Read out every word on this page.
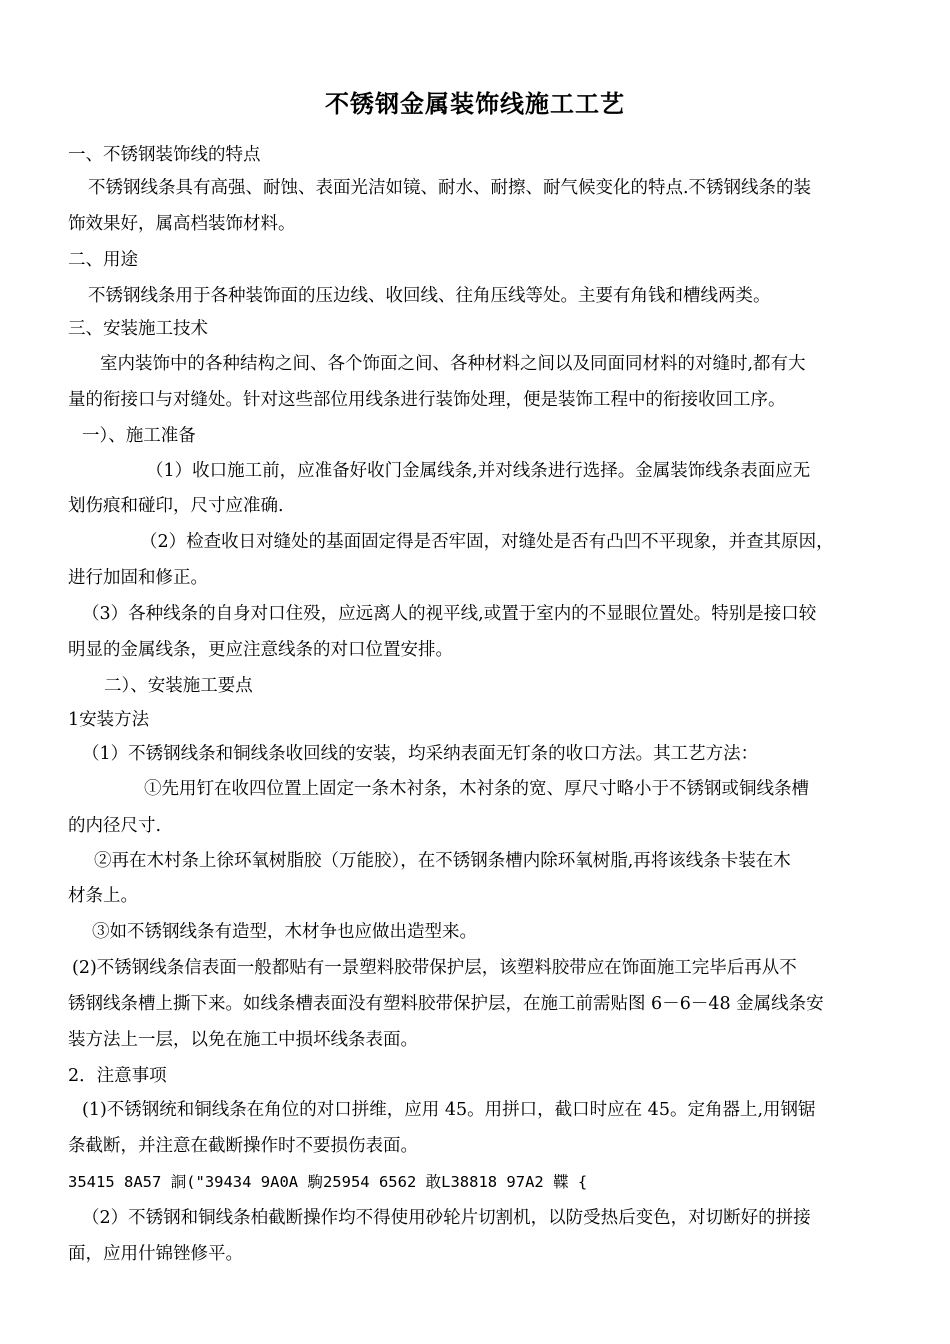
不锈钢金属装饰线施工工艺
一、不锈钢装饰线的特点
不锈钢线条具有高强、耐蚀、表面光洁如镜、耐水、耐擦、耐气候变化的特点.不锈钢线条的装
饰效果好，属高档装饰材料。
二、用途
不锈钢线条用于各种装饰面的压边线、收回线、往角压线等处。主要有角钱和槽线两类。
三、安装施工技术
室内装饰中的各种结构之间、各个饰面之间、各种材料之间以及同面同材料的对缝时,都有大
量的衔接口与对缝处。针对这些部位用线条进行装饰处理，便是装饰工程中的衔接收回工序。
一）、施工准备
（1）收口施工前，应准备好收门金属线条,并对线条进行选择。金属装饰线条表面应无
划伤痕和碰印，尺寸应准确.
（2）检查收日对缝处的基面固定得是否牢固，对缝处是否有凸凹不平现象，并查其原因，
进行加固和修正。
（3）各种线条的自身对口住殁，应远离人的视平线,或置于室内的不显眼位置处。特别是接口较
明显的金属线条，更应注意线条的对口位置安排。
二）、安装施工要点
1安装方法
（1）不锈钢线条和铜线条收回线的安装，均采纳表面无钉条的收口方法。其工艺方法：
①先用钉在收四位置上固定一条木衬条，木衬条的宽、厚尺寸略小于不锈钢或铜线条槽
的内径尺寸.
②再在木村条上徐环氧树脂胶（万能胶），在不锈钢条槽内除环氧树脂,再将该线条卡装在木
材条上。
③如不锈钢线条有造型，木材争也应做出造型来。
(2)不锈钢线条信表面一般都贴有一景塑料胶带保护层，该塑料胶带应在饰面施工完毕后再从不
锈钢线条槽上撕下来。如线条槽表面没有塑料胶带保护层，在施工前需贴图 6－6－48 金属线条安
装方法上一层，以免在施工中损坏线条表面。
2．注意事项
(1)不锈钢统和铜线条在角位的对口拼维，应用 45。用拼口，截口时应在 45。定角器上,用钢锯
条截断，并注意在截断操作时不要损伤表面。
35415 8A57 詷("39434 9A0A 駒25954 6562 敢L38818 97A2 鞢 {
（2）不锈钢和铜线条柏截断操作均不得使用砂轮片切割机，以防受热后变色，对切断好的拼接
面，应用什锦锉修平。
